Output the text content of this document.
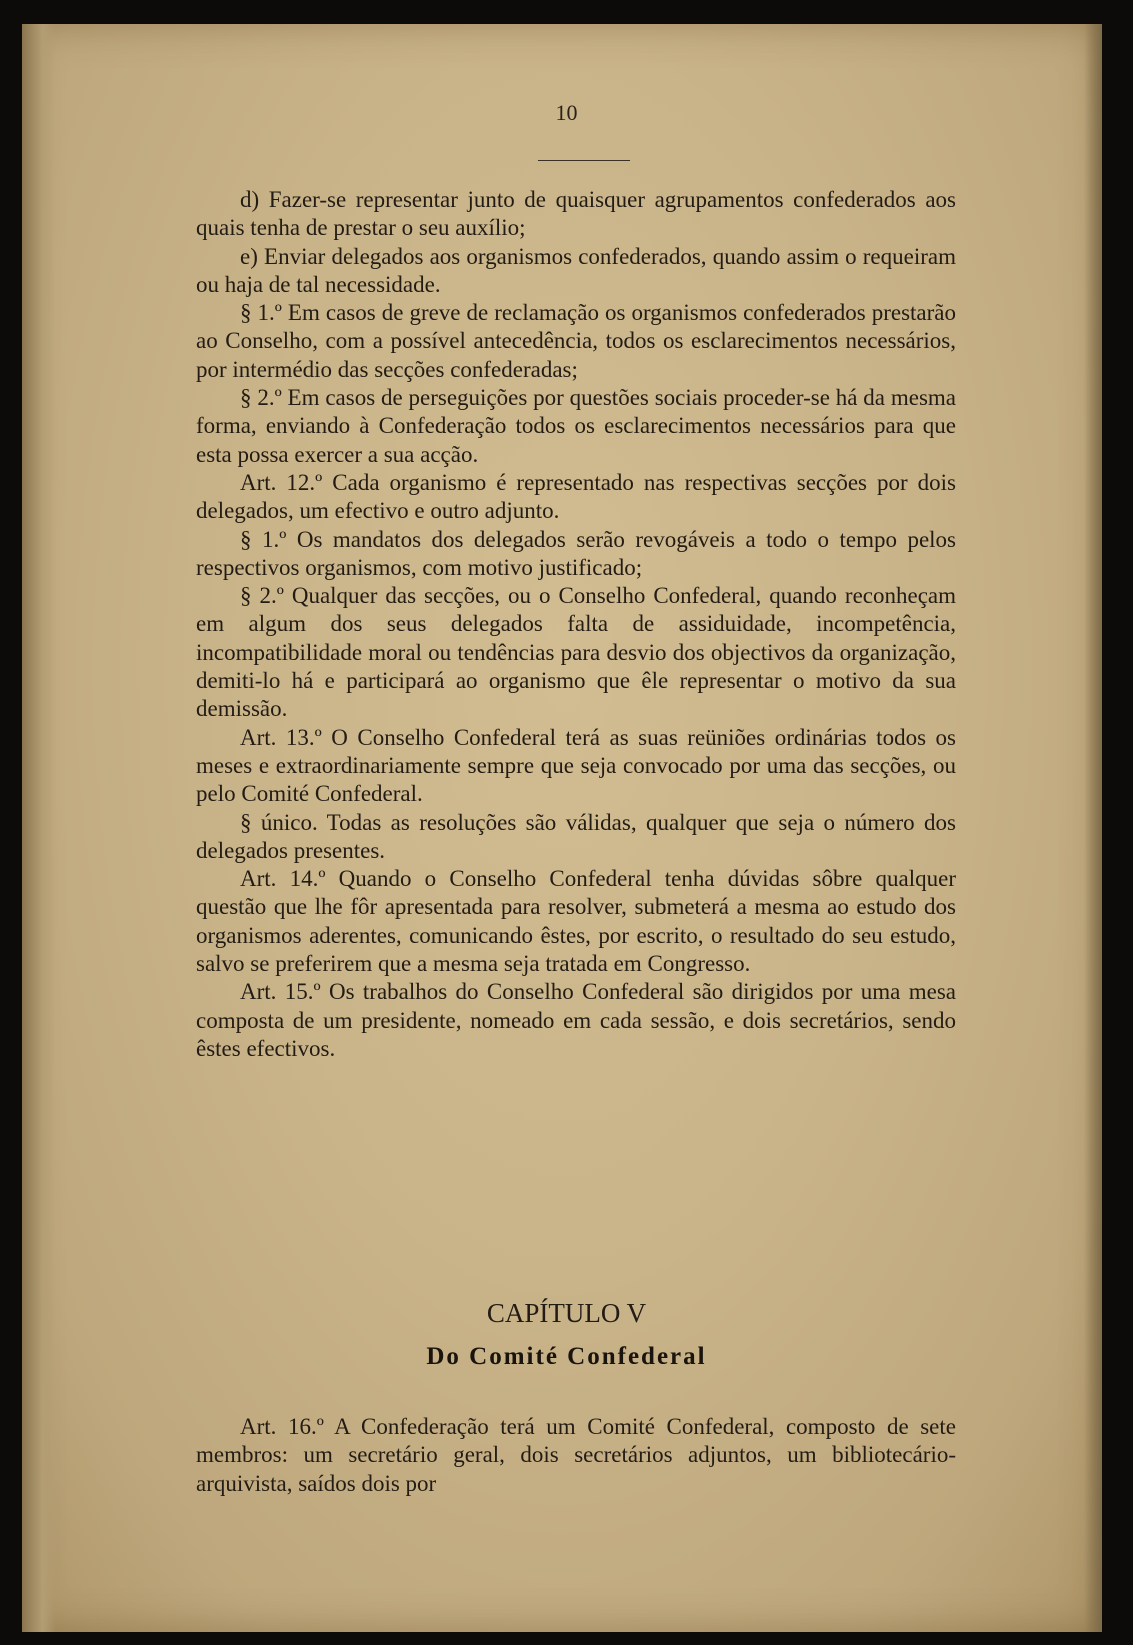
10

d) Fazer-se representar junto de quaisquer agrupamentos confederados aos quais tenha de prestar o seu auxílio;

e) Enviar delegados aos organismos confederados, quando assim o requeiram ou haja de tal necessidade.

§ 1.º Em casos de greve de reclamação os organismos confederados prestarão ao Conselho, com a possível antecedência, todos os esclarecimentos necessários, por intermédio das secções confederadas;

§ 2.º Em casos de perseguições por questões sociais proceder-se há da mesma forma, enviando à Confederação todos os esclarecimentos necessários para que esta possa exercer a sua acção.

Art. 12.º Cada organismo é representado nas respectivas secções por dois delegados, um efectivo e outro adjunto.

§ 1.º Os mandatos dos delegados serão revogáveis a todo o tempo pelos respectivos organismos, com motivo justificado;

§ 2.º Qualquer das secções, ou o Conselho Confederal, quando reconheçam em algum dos seus delegados falta de assiduidade, incompetência, incompatibilidade moral ou tendências para desvio dos objectivos da organização, demiti-lo há e participará ao organismo que êle representar o motivo da sua demissão.

Art. 13.º O Conselho Confederal terá as suas reüniões ordinárias todos os meses e extraordinariamente sempre que seja convocado por uma das secções, ou pelo Comité Confederal.

§ único. Todas as resoluções são válidas, qualquer que seja o número dos delegados presentes.

Art. 14.º Quando o Conselho Confederal tenha dúvidas sôbre qualquer questão que lhe fôr apresentada para resolver, submeterá a mesma ao estudo dos organismos aderentes, comunicando êstes, por escrito, o resultado do seu estudo, salvo se preferirem que a mesma seja tratada em Congresso.

Art. 15.º Os trabalhos do Conselho Confederal são dirigidos por uma mesa composta de um presidente, nomeado em cada sessão, e dois secretários, sendo êstes efectivos.

CAPÍTULO V
Do Comité Confederal

Art. 16.º A Confederação terá um Comité Confederal, composto de sete membros: um secretário geral, dois secretários adjuntos, um bibliotecário-arquivista, saídos dois por
